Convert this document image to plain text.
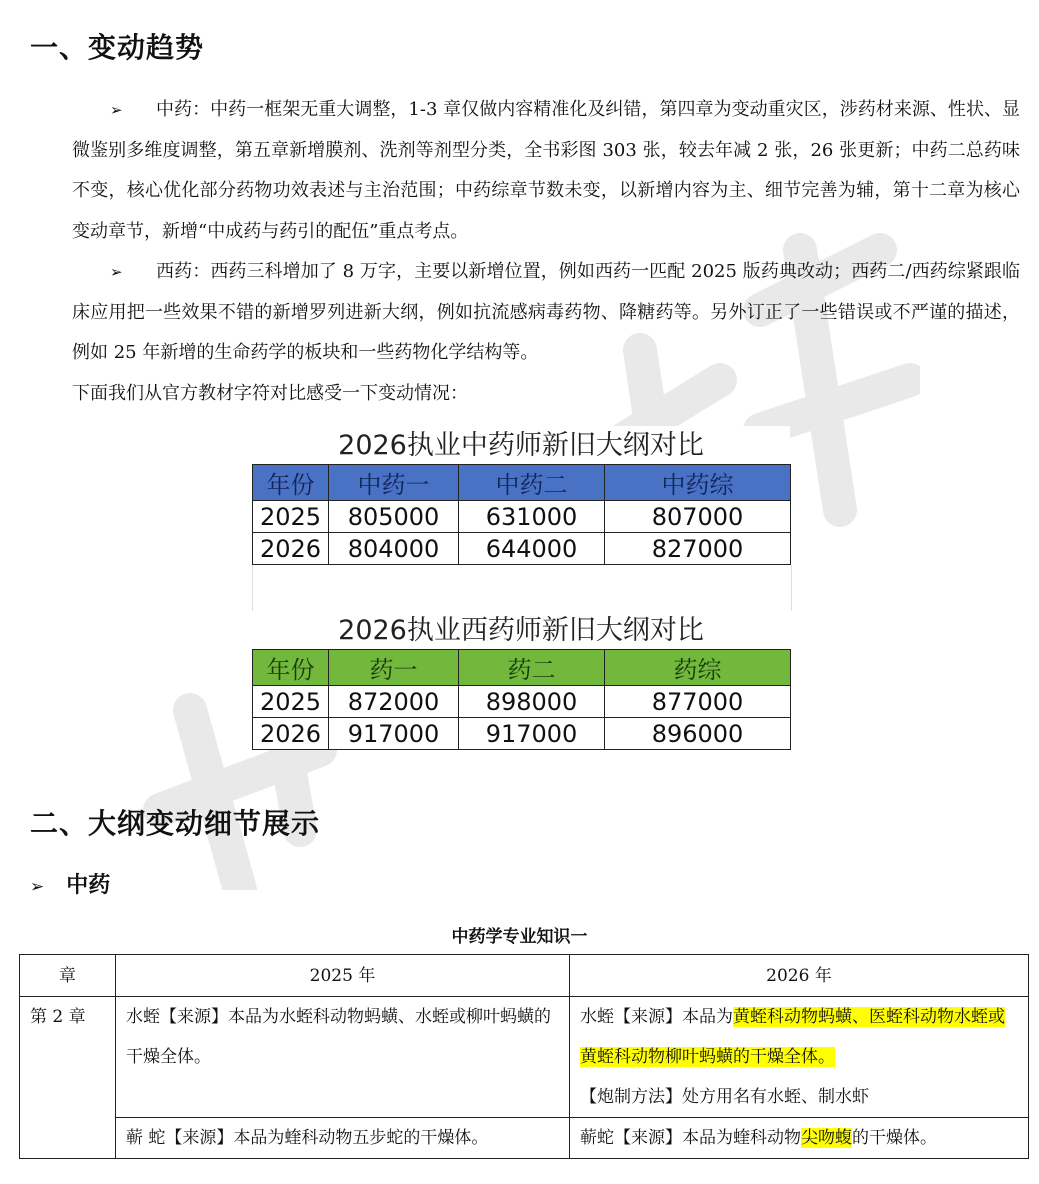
一、变动趋势
➢ 中药：中药一框架无重大调整，1-3 章仅做内容精准化及纠错，第四章为变动重灾区，涉药材来源、性状、显微鉴别多维度调整，第五章新增膜剂、洗剂等剂型分类，全书彩图 303 张，较去年减 2 张，26 张更新；中药二总药味不变，核心优化部分药物功效表述与主治范围；中药综章节数未变，以新增内容为主、细节完善为辅，第十二章为核心变动章节，新增“中成药与药引的配伍”重点考点。
➢ 西药：西药三科增加了 8 万字，主要以新增位置，例如西药一匹配 2025 版药典改动；西药二/西药综紧跟临床应用把一些效果不错的新增罗列进新大纲，例如抗流感病毒药物、降糖药等。另外订正了一些错误或不严谨的描述，例如 25 年新增的生命药学的板块和一些药物化学结构等。
下面我们从官方教材字符对比感受一下变动情况：
2026执业中药师新旧大纲对比
年份	中药一	中药二	中药综
2025	805000	631000	807000
2026	804000	644000	827000
2026执业西药师新旧大纲对比
年份	药一	药二	药综
2025	872000	898000	877000
2026	917000	917000	896000
二、大纲变动细节展示
➢ 中药
中药学专业知识一
章	2025 年	2026 年
第 2 章	水蛭【来源】本品为水蛭科动物蚂蟥、水蛭或柳叶蚂蟥的干燥全体。	水蛭【来源】本品为黄蛭科动物蚂蟥、医蛭科动物水蛭或黄蛭科动物柳叶蚂蟥的干燥全体。
【炮制方法】处方用名有水蛭、制水虾
	蕲 蛇【来源】本品为蝰科动物五步蛇的干燥体。	蕲蛇【来源】本品为蝰科动物尖吻蝮的干燥体。
